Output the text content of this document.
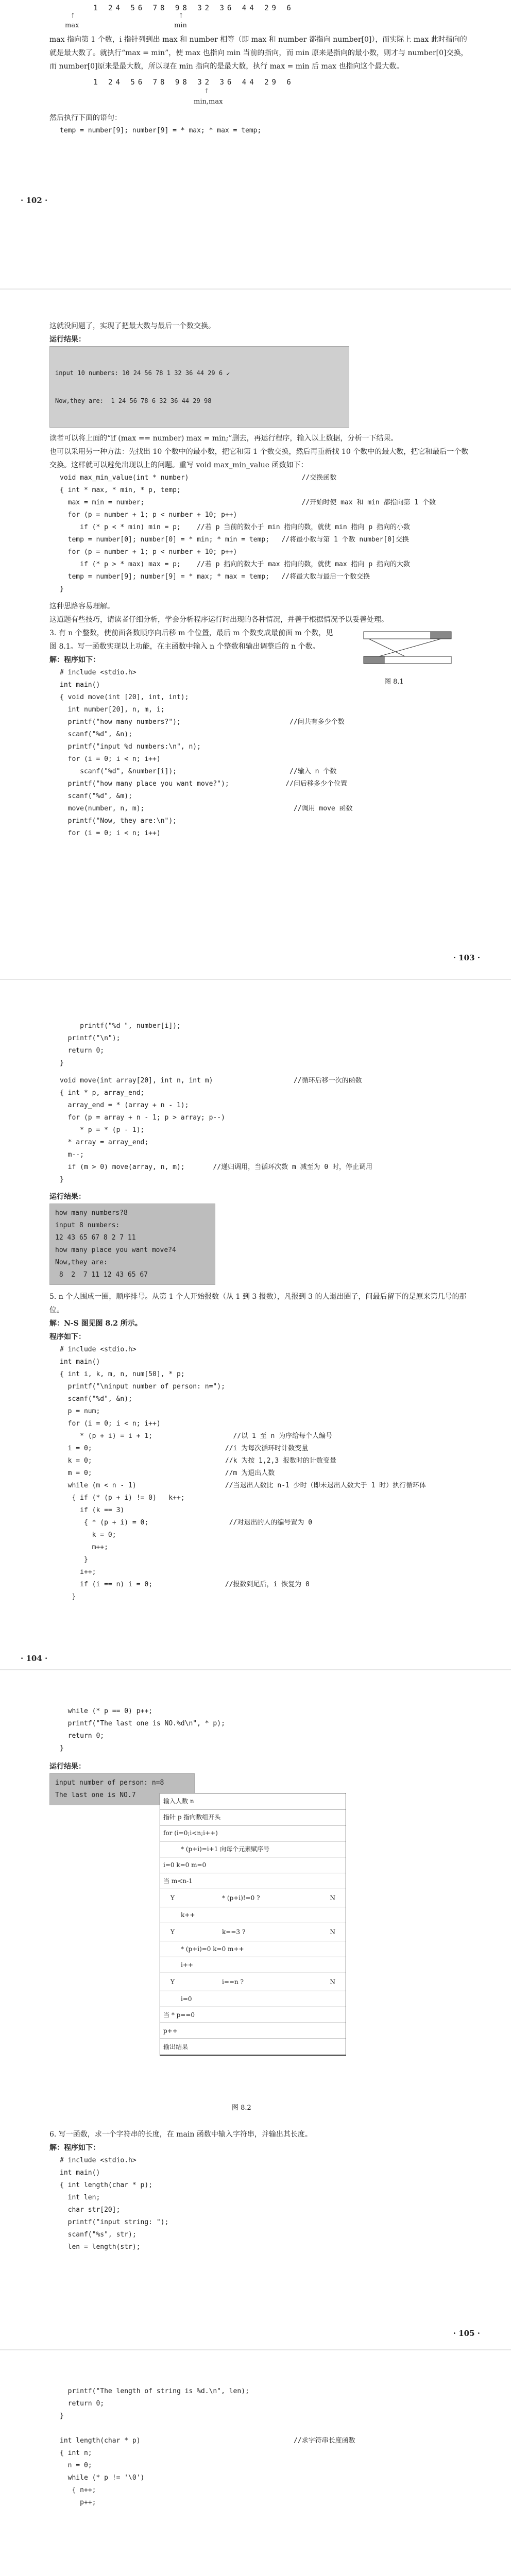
1 24 56 78 98 32 36 44 29 6
↑
max
↑
min
max 指向第 1 个数，i 指针列到出 max 和 number 相等（即 max 和 number 都指向 number[0]），而实际上 max 此时指向的就是最大数了。就执行“max = min”，使 max 也指向 min 当前的指向，而 min 原来是指向的最小数，则才与 number[0]交换，而 number[0]原来是最大数，所以现在 min 指向的是最大数，执行 max = min 后 max 也指向这个最大数。
1 24 56 78 98 32 36 44 29 6
↑
min,max
然后执行下面的语句：
temp = number[9]; number[9] = * max; * max = temp;
· 102 ·
这就没问题了，实现了把最大数与最后一个数交换。
运行结果：

input 10 numbers: 10 24 56 78 1 32 36 44 29 6 ↙

Now,they are:  1 24 56 78 6 32 36 44 29 98

读者可以将上面的“if (max == number) max = min;”删去，再运行程序，输入以上数据，分析一下结果。
也可以采用另一种方法：先找出 10 个数中的最小数，把它和第 1 个数交换，然后再重新找 10 个数中的最大数，把它和最后一个数交换。这样就可以避免出现以上的问题。重写 void max_min_value 函数如下：
void max_min_value(int * number)                            //交换函数
{ int * max, * min, * p, temp;
max = min = number;                                       //开始时使 max 和 min 都指向第 1 个数
for (p = number + 1; p < number + 10; p++)
if (* p < * min) min = p;    //若 p 当前的数小于 min 指向的数，就使 min 指向 p 指向的小数
temp = number[0]; number[0] = * min; * min = temp;   //将最小数与第 1 个数 number[0]交换
for (p = number + 1; p < number + 10; p++)
if (* p > * max) max = p;    //若 p 指向的数大于 max 指向的数，就使 max 指向 p 指向的大数
temp = number[9]; number[9] = * max; * max = temp;   //将最大数与最后一个数交换
}
这种思路容易理解。
这道题有些技巧，请读者仔细分析，学会分析程序运行时出现的各种情况，并善于根据情况予以妥善处理。
3. 有 n 个整数，使前面各数顺序向后移 m 个位置，最后 m 个数变成最前面 m 个数，见图 8.1。写一函数实现以上功能，在主函数中输入 n 个整数和输出调整后的 n 个数。
图 8.1
解：程序如下：
# include <stdio.h>
int main()
{ void move(int [20], int, int);
int number[20], n, m, i;
printf("how many numbers?");                           //问共有多少个数
scanf("%d", &n);
printf("input %d numbers:\n", n);
for (i = 0; i < n; i++)
scanf("%d", &number[i]);                            //输入 n 个数
printf("how many place you want move?");              //问后移多少个位置
scanf("%d", &m);
move(number, n, m);                                     //调用 move 函数
printf("Now, they are:\n");
for (i = 0; i < n; i++)
· 103 ·
printf("%d ", number[i]);
printf("\n");
return 0;
}
void move(int array[20], int n, int m)                    //循环后移一次的函数
{ int * p, array_end;
array_end = * (array + n - 1);
for (p = array + n - 1; p > array; p--)
* p = * (p - 1);
* array = array_end;
m--;
if (m > 0) move(array, n, m);       //递归调用，当循环次数 m 减至为 0 时，停止调用
}
运行结果：
how many numbers?8
input 8 numbers:
12 43 65 67 8 2 7 11
how many place you want move?4
Now,they are:
8  2  7 11 12 43 65 67
5. n 个人围成一圈，顺序排号。从第 1 个人开始报数（从 1 到 3 报数），凡报到 3 的人退出圈子，问最后留下的是原来第几号的那位。
解：N-S 图见图 8.2 所示。
程序如下：
# include <stdio.h>
int main()
{ int i, k, m, n, num[50], * p;
printf("\ninput number of person: n=");
scanf("%d", &n);
p = num;
for (i = 0; i < n; i++)
* (p + i) = i + 1;                    //以 1 至 n 为序给每个人编号
i = 0;                                 //i 为每次循环时计数变量
k = 0;                                 //k 为按 1,2,3 报数时的计数变量
m = 0;                                 //m 为退出人数
while (m < n - 1)                      //当退出人数比 n-1 少时（即未退出人数大于 1 时）执行循环体
{ if (* (p + i) != 0)   k++;
if (k == 3)
{ * (p + i) = 0;                    //对退出的人的编号置为 0
k = 0;
m++;
}
i++;
if (i == n) i = 0;                  //报数到尾后，i 恢复为 0
}
· 104 ·
while (* p == 0) p++;
printf("The last one is NO.%d\n", * p);
return 0;
}
运行结果：
input number of person: n=8
The last one is NO.7
输入人数 n
指针 p 指向数组开头
for (i=0;i<n;i++)
* (p+i)=i+1 向每个元素赋序号
i=0 k=0 m=0
当 m<n-1
* (p+i)!=0 ?
Y	N
k++
k==3 ?
Y	N
* (p+i)=0 k=0 m++
i++
i==n ?
Y	N
i=0
当 * p==0
p++
输出结果
图 8.2
6. 写一函数，求一个字符串的长度，在 main 函数中输入字符串，并输出其长度。
解：程序如下：
# include <stdio.h>
int main()
{ int length(char * p);
int len;
char str[20];
printf("input string: ");
scanf("%s", str);
len = length(str);
· 105 ·
printf("The length of string is %d.\n", len);
return 0;
}

int length(char * p)                                      //求字符串长度函数
{ int n;
n = 0;
while (* p != '\0')
{ n++;
p++;
